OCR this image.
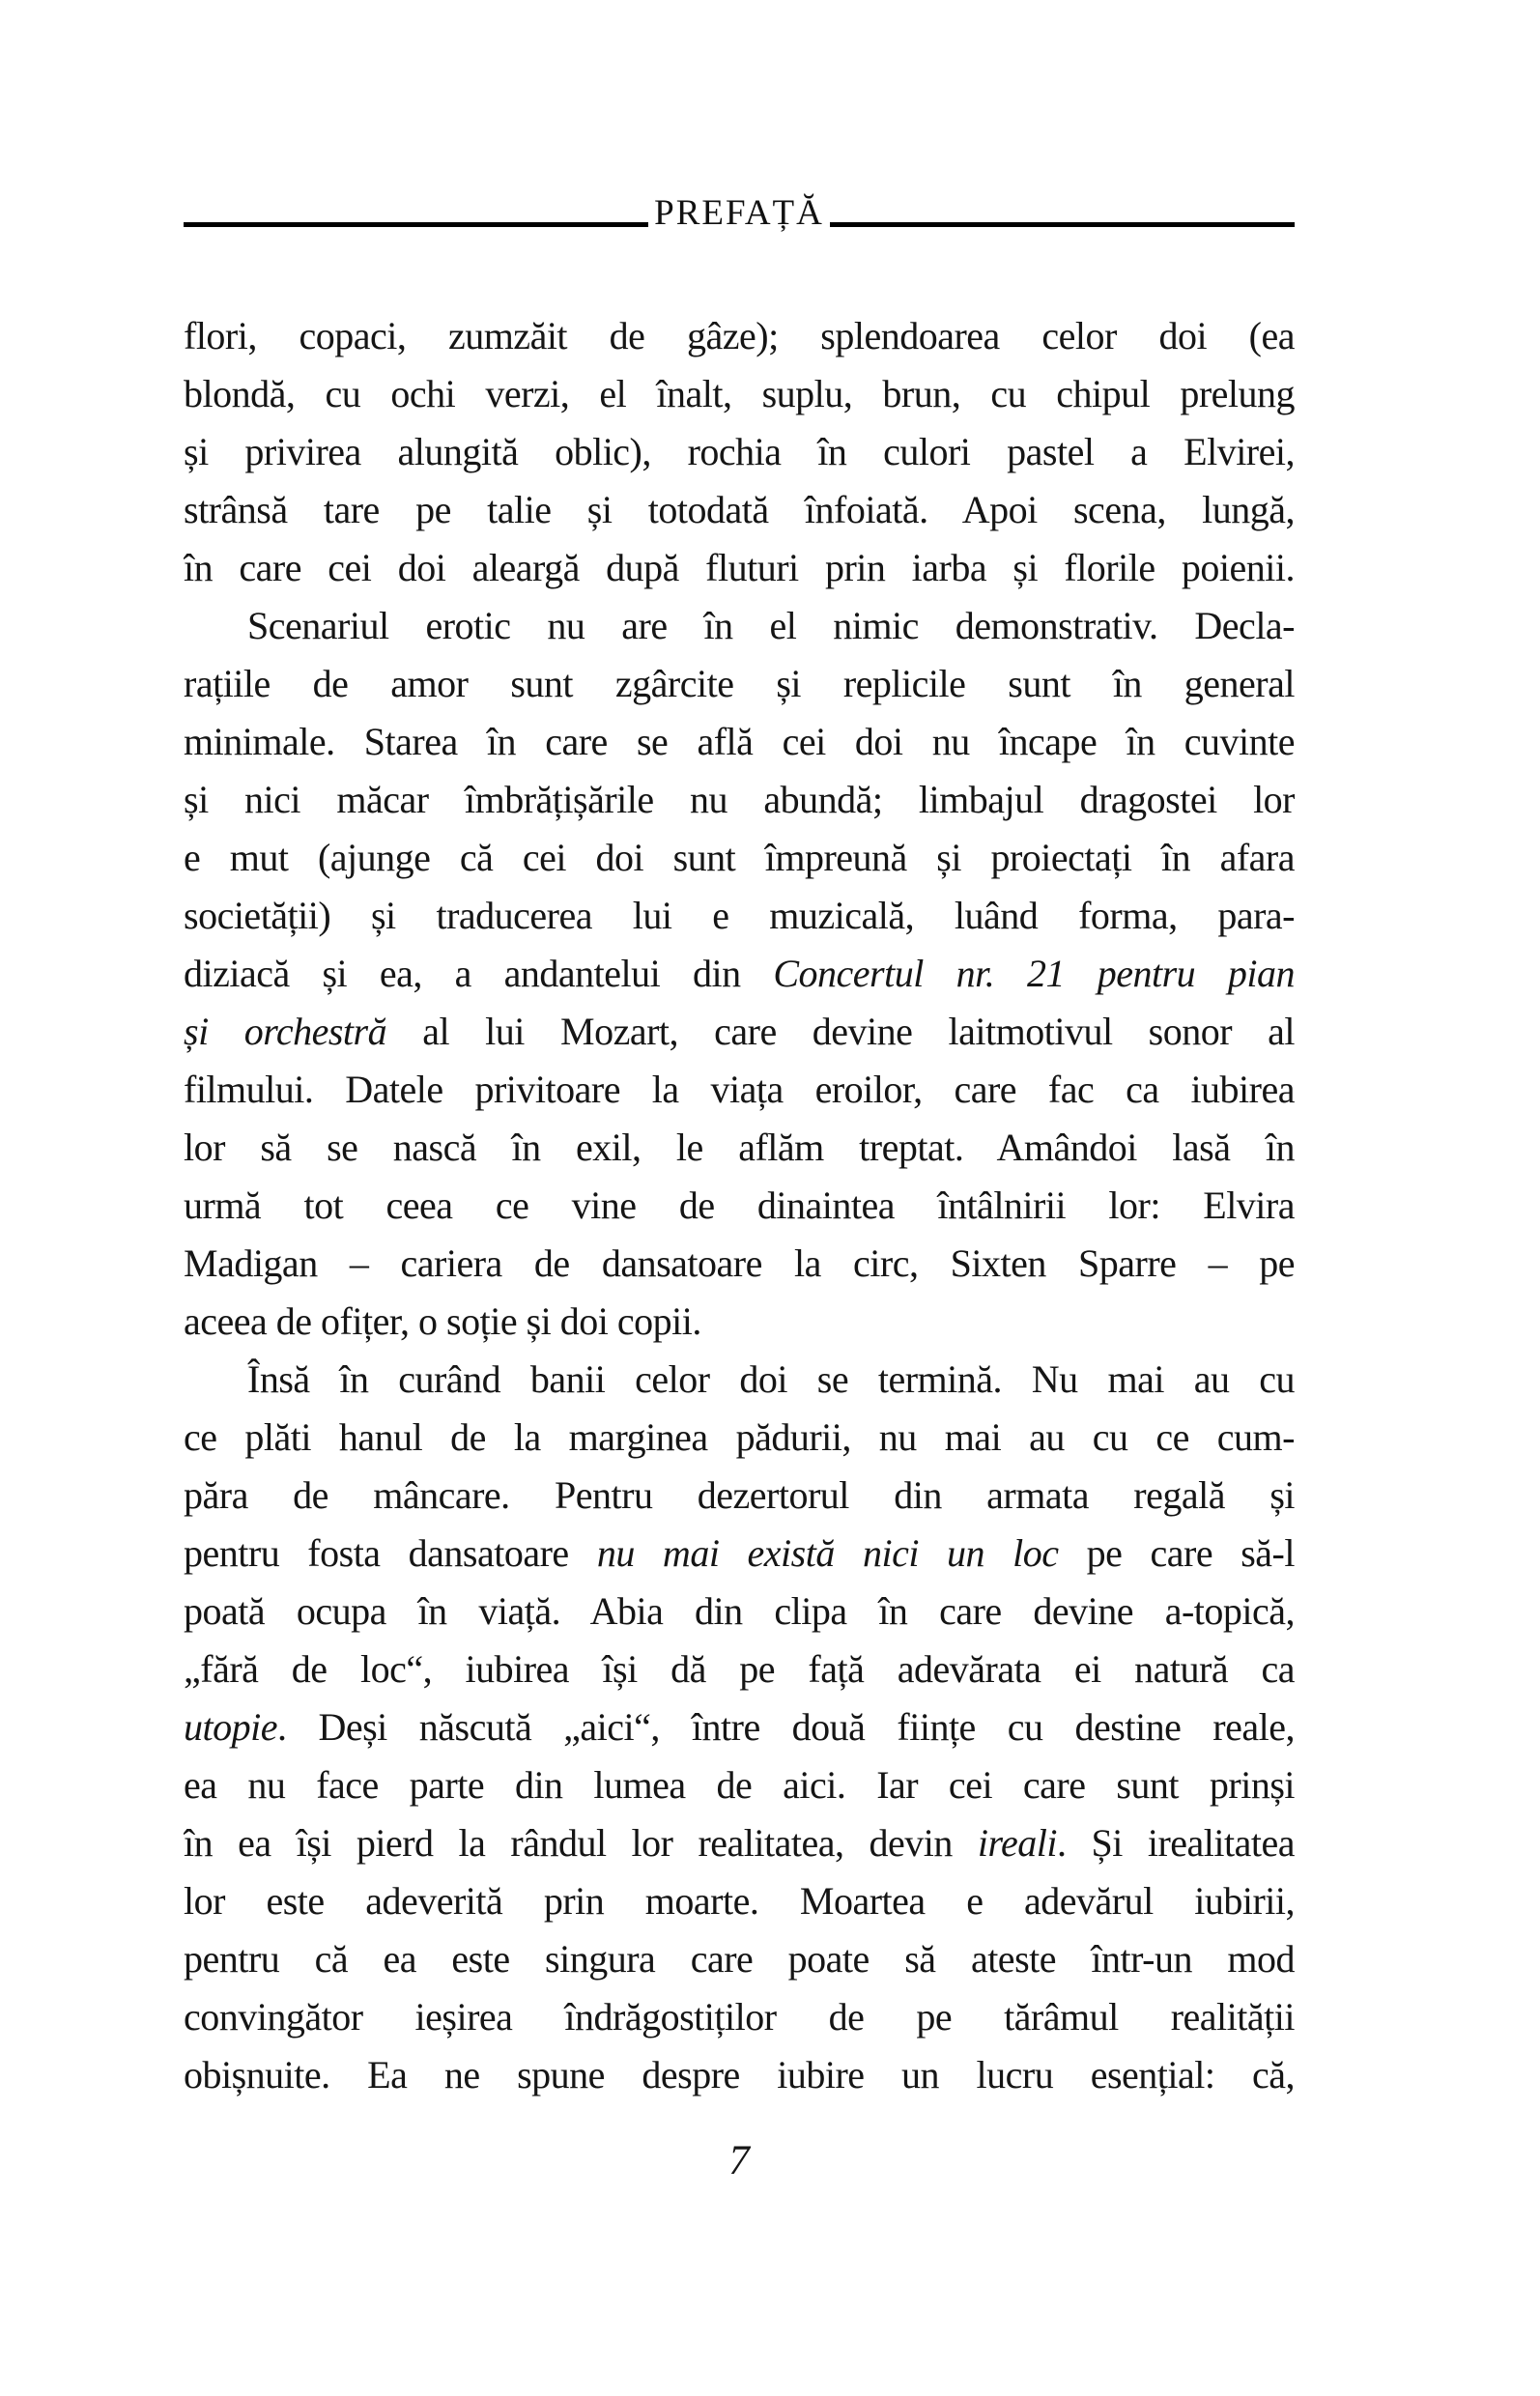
PREFAȚĂ
flori, copaci, zumzăit de gâze); splendoarea celor doi (ea
blondă, cu ochi verzi, el înalt, suplu, brun, cu chipul prelung
și privirea alungită oblic), rochia în culori pastel a Elvirei,
strânsă tare pe talie și totodată înfoiată. Apoi scena, lungă,
în care cei doi aleargă după fluturi prin iarba și florile poienii.
Scenariul erotic nu are în el nimic demonstrativ. Decla-
rațiile de amor sunt zgârcite și replicile sunt în general
minimale. Starea în care se află cei doi nu încape în cuvinte
și nici măcar îmbrățișările nu abundă; limbajul dragostei lor
e mut (ajunge că cei doi sunt împreună și proiectați în afara
societății) și traducerea lui e muzicală, luând forma, para-
diziacă și ea, a andantelui din Concertul nr. 21 pentru pian
și orchestră al lui Mozart, care devine laitmotivul sonor al
filmului. Datele privitoare la viața eroilor, care fac ca iubirea
lor să se nască în exil, le aflăm treptat. Amândoi lasă în
urmă tot ceea ce vine de dinaintea întâlnirii lor: Elvira
Madigan – cariera de dansatoare la circ, Sixten Sparre – pe
aceea de ofițer, o soție și doi copii.
Însă în curând banii celor doi se termină. Nu mai au cu
ce plăti hanul de la marginea pădurii, nu mai au cu ce cum-
păra de mâncare. Pentru dezertorul din armata regală și
pentru fosta dansatoare nu mai există nici un loc pe care să-l
poată ocupa în viață. Abia din clipa în care devine a-topică,
„fără de loc“, iubirea își dă pe față adevărata ei natură ca
utopie. Deși născută „aici“, între două ființe cu destine reale,
ea nu face parte din lumea de aici. Iar cei care sunt prinși
în ea își pierd la rândul lor realitatea, devin ireali. Și irealitatea
lor este adeverită prin moarte. Moartea e adevărul iubirii,
pentru că ea este singura care poate să ateste într-un mod
convingător ieșirea îndrăgostiților de pe tărâmul realității
obișnuite. Ea ne spune despre iubire un lucru esențial: că,
7
